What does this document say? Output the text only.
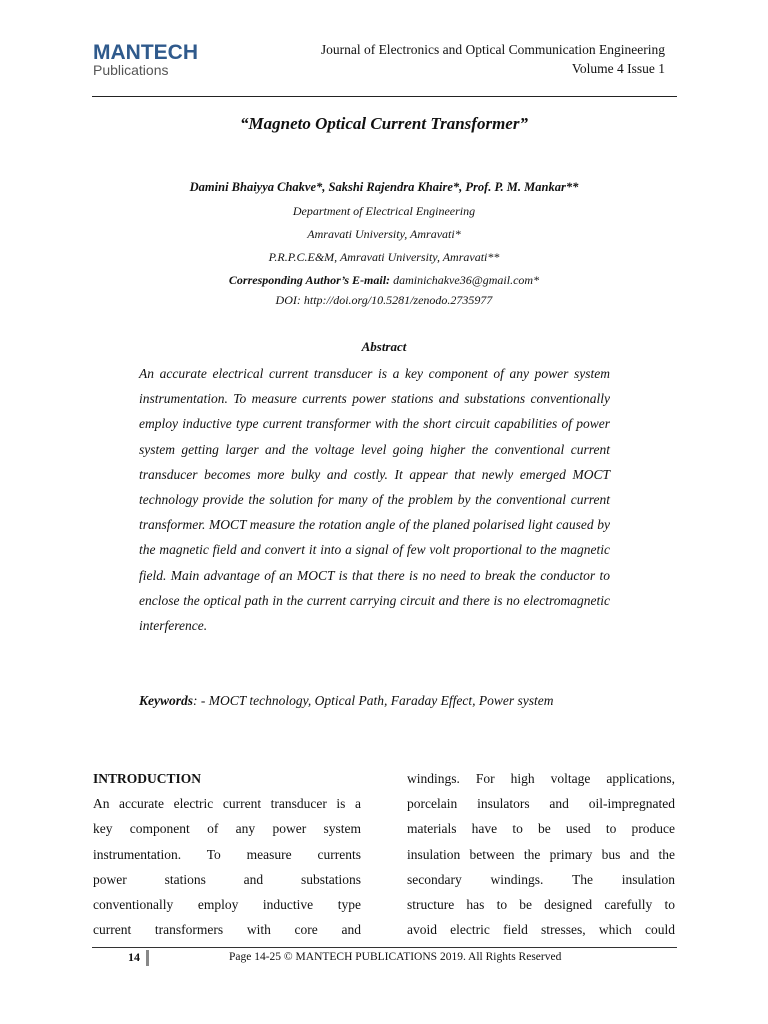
MANTECH
Publications
Journal of Electronics and Optical Communication Engineering
Volume 4 Issue 1
“Magneto Optical Current Transformer”
Damini Bhaiyya Chakve*, Sakshi Rajendra Khaire*, Prof. P. M. Mankar**
Department of Electrical Engineering
Amravati University, Amravati*
P.R.P.C.E&M, Amravati University, Amravati**
Corresponding Author’s E-mail: daminichakve36@gmail.com*
DOI: http://doi.org/10.5281/zenodo.2735977
Abstract

An accurate electrical current transducer is a key component of any power system instrumentation. To measure currents power stations and substations conventionally employ inductive type current transformer with the short circuit capabilities of power system getting larger and the voltage level going higher the conventional current transducer becomes more bulky and costly. It appear that newly emerged MOCT technology provide the solution for many of the problem by the conventional current transformer. MOCT measure the rotation angle of the planed polarised light caused by the magnetic field and convert it into a signal of few volt proportional to the magnetic field. Main advantage of an MOCT is that there is no need to break the conductor to enclose the optical path in the current carrying circuit and there is no electromagnetic interference.

Keywords: - MOCT technology, Optical Path, Faraday Effect, Power system

INTRODUCTION
An accurate electric current transducer is a
key component of any power system
instrumentation. To measure currents
power stations and substations
conventionally employ inductive type
current transformers with core and
windings. For high voltage applications,
porcelain insulators and oil-impregnated
materials have to be used to produce
insulation between the primary bus and the
secondary windings. The insulation
structure has to be designed carefully to
avoid electric field stresses, which could
14	Page 14-25 © MANTECH PUBLICATIONS 2019. All Rights Reserved
